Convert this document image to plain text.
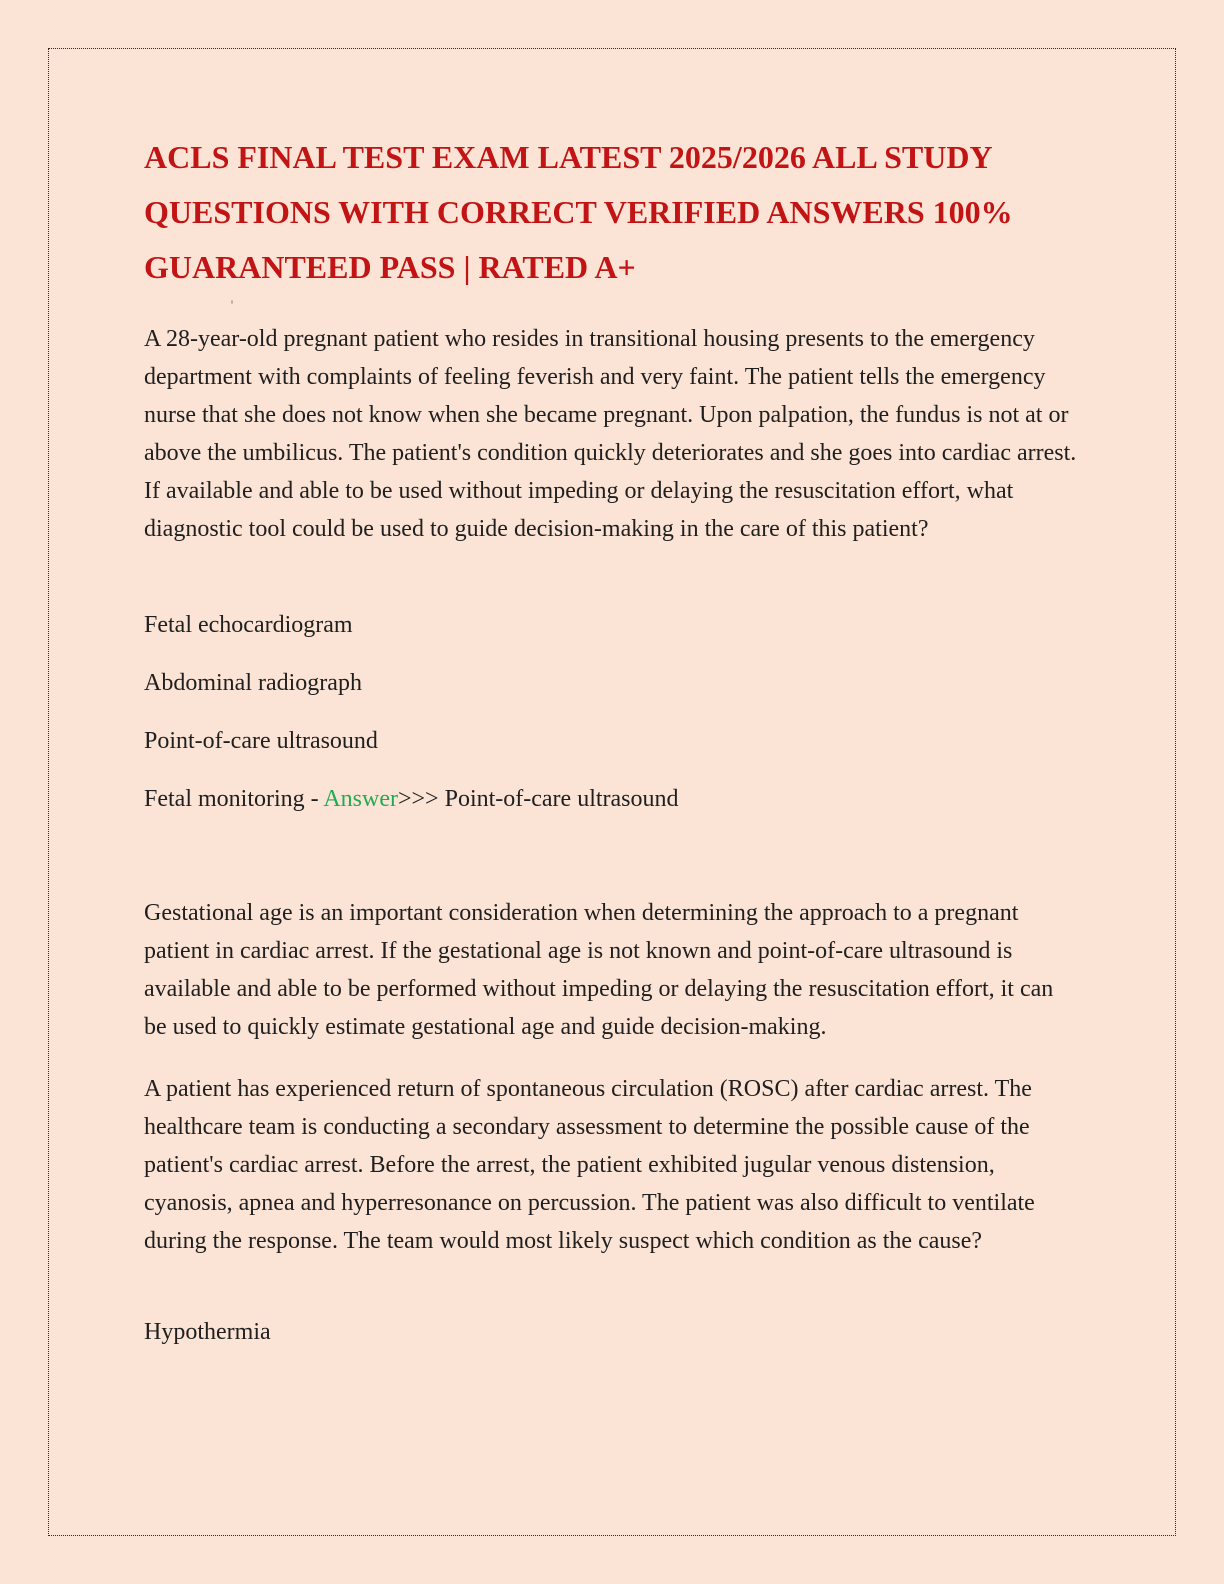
ACLS FINAL TEST EXAM LATEST 2025/2026 ALL STUDY QUESTIONS WITH CORRECT VERIFIED ANSWERS 100% GUARANTEED PASS | RATED A+

A 28-year-old pregnant patient who resides in transitional housing presents to the emergency department with complaints of feeling feverish and very faint. The patient tells the emergency nurse that she does not know when she became pregnant. Upon palpation, the fundus is not at or above the umbilicus. The patient's condition quickly deteriorates and she goes into cardiac arrest. If available and able to be used without impeding or delaying the resuscitation effort, what diagnostic tool could be used to guide decision-making in the care of this patient?

Fetal echocardiogram

Abdominal radiograph

Point-of-care ultrasound

Fetal monitoring - Answer>>> Point-of-care ultrasound

Gestational age is an important consideration when determining the approach to a pregnant patient in cardiac arrest. If the gestational age is not known and point-of-care ultrasound is available and able to be performed without impeding or delaying the resuscitation effort, it can be used to quickly estimate gestational age and guide decision-making.

A patient has experienced return of spontaneous circulation (ROSC) after cardiac arrest. The healthcare team is conducting a secondary assessment to determine the possible cause of the patient's cardiac arrest. Before the arrest, the patient exhibited jugular venous distension, cyanosis, apnea and hyperresonance on percussion. The patient was also difficult to ventilate during the response. The team would most likely suspect which condition as the cause?

Hypothermia
